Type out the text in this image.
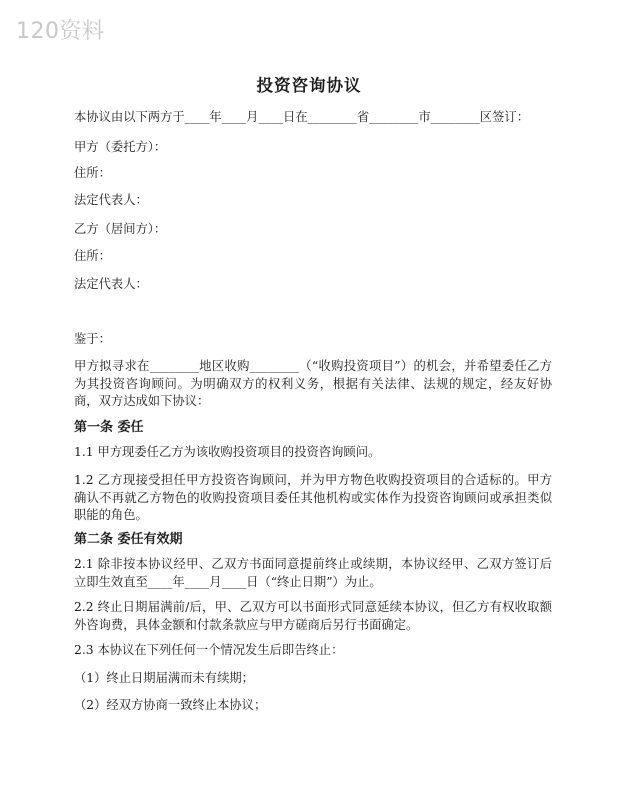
120资料
投资咨询协议
本协议由以下两方于____年____月____日在________省________市________区签订：
甲方（委托方）：
住所：
法定代表人：
乙方（居间方）：
住所：
法定代表人：
鉴于：
甲方拟寻求在________地区收购________（“收购投资项目”）的机会，并希望委任乙方为其投资咨询顾问。为明确双方的权利义务，根据有关法律、法规的规定，经友好协商，双方达成如下协议：
第一条 委任
1.1 甲方现委任乙方为该收购投资项目的投资咨询顾问。
1.2 乙方现接受担任甲方投资咨询顾问，并为甲方物色收购投资项目的合适标的。甲方确认不再就乙方物色的收购投资项目委任其他机构或实体作为投资咨询顾问或承担类似职能的角色。
第二条 委任有效期
2.1 除非按本协议经甲、乙双方书面同意提前终止或续期，本协议经甲、乙双方签订后立即生效直至____年____月____日（“终止日期”）为止。
2.2 终止日期届满前/后，甲、乙双方可以书面形式同意延续本协议，但乙方有权收取额外咨询费，具体金额和付款条款应与甲方磋商后另行书面确定。
2.3 本协议在下列任何一个情况发生后即告终止：
（1）终止日期届满而未有续期；
（2）经双方协商一致终止本协议；
